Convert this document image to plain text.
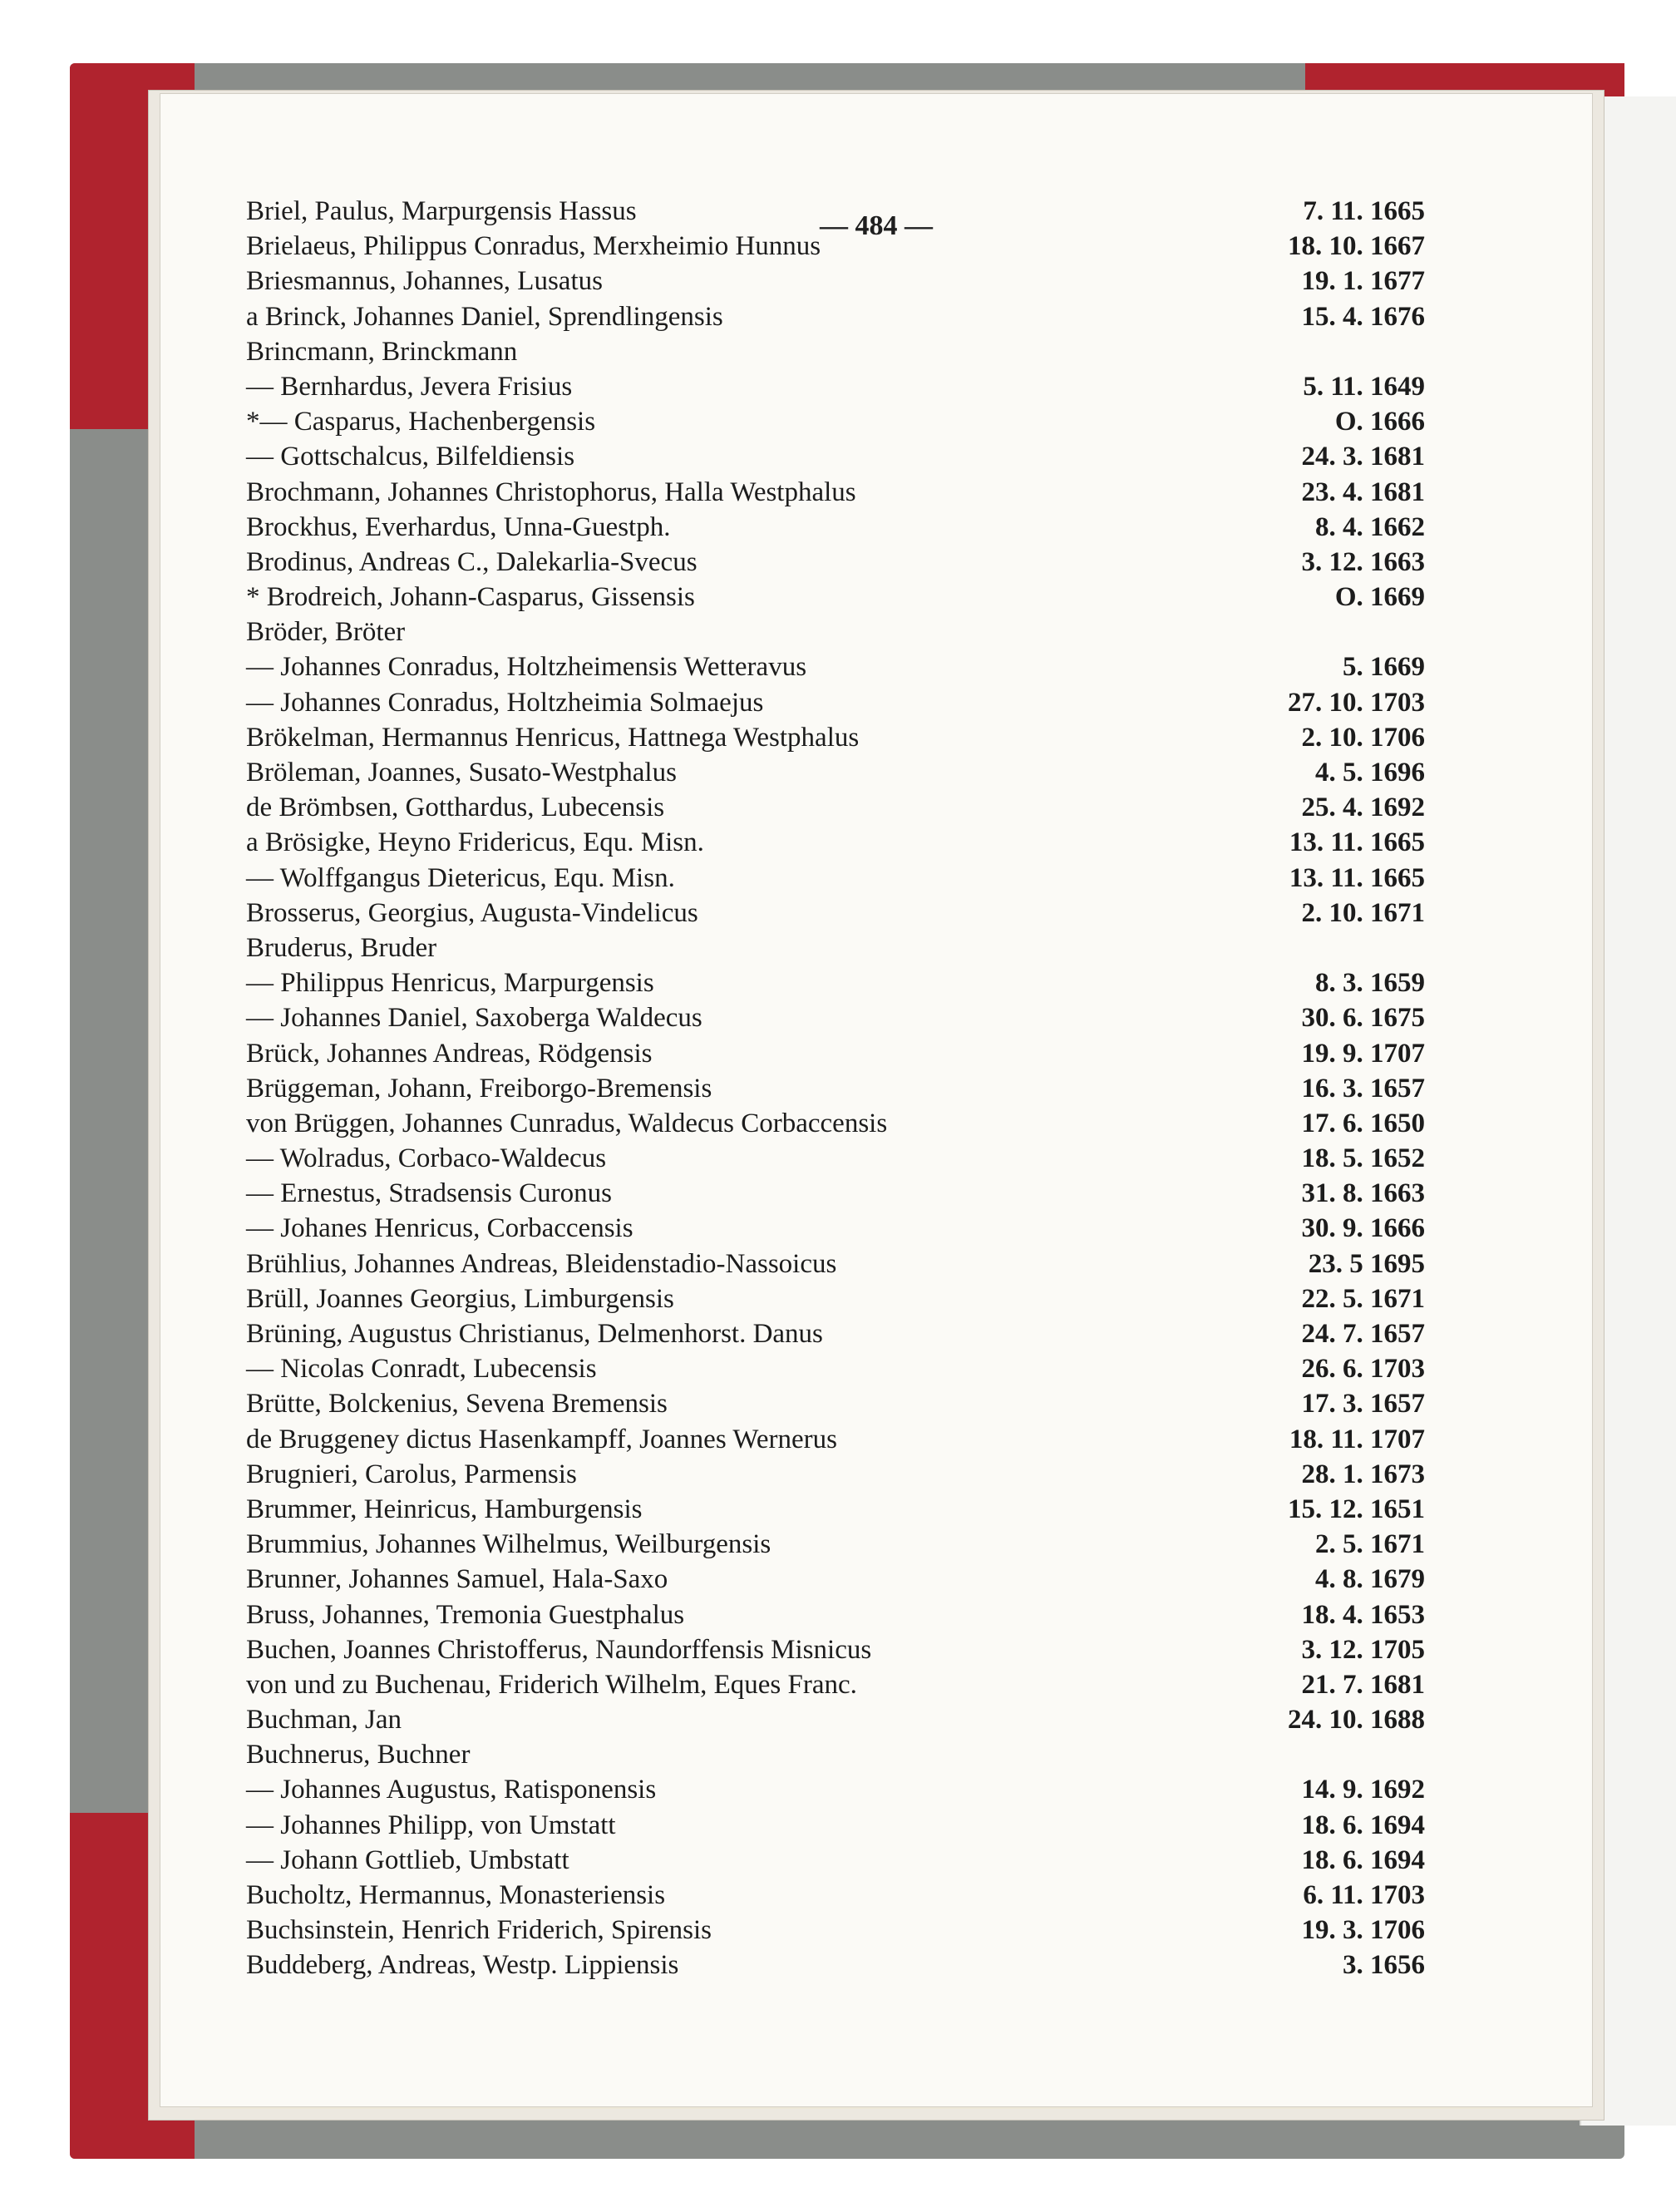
— 484 —
Briel, Paulus, Marpurgensis Hassus	7. 11. 1665
Brielaeus, Philippus Conradus, Merxheimio Hunnus	18. 10. 1667
Briesmannus, Johannes, Lusatus	19. 1. 1677
a Brinck, Johannes Daniel, Sprendlingensis	15. 4. 1676
Brincmann, Brinckmann
— Bernhardus, Jevera Frisius	5. 11. 1649
*— Casparus, Hachenbergensis	O. 1666
— Gottschalcus, Bilfeldiensis	24. 3. 1681
Brochmann, Johannes Christophorus, Halla Westphalus	23. 4. 1681
Brockhus, Everhardus, Unna-Guestph.	8. 4. 1662
Brodinus, Andreas C., Dalekarlia-Svecus	3. 12. 1663
* Brodreich, Johann-Casparus, Gissensis	O. 1669
Bröder, Bröter
— Johannes Conradus, Holtzheimensis Wetteravus	5. 1669
— Johannes Conradus, Holtzheimia Solmaejus	27. 10. 1703
Brökelman, Hermannus Henricus, Hattnega Westphalus	2. 10. 1706
Bröleman, Joannes, Susato-Westphalus	4. 5. 1696
de Brömbsen, Gotthardus, Lubecensis	25. 4. 1692
a Brösigke, Heyno Fridericus, Equ. Misn.	13. 11. 1665
— Wolffgangus Dietericus, Equ. Misn.	13. 11. 1665
Brosserus, Georgius, Augusta-Vindelicus	2. 10. 1671
Bruderus, Bruder
— Philippus Henricus, Marpurgensis	8. 3. 1659
— Johannes Daniel, Saxoberga Waldecus	30. 6. 1675
Brück, Johannes Andreas, Rödgensis	19. 9. 1707
Brüggeman, Johann, Freiborgo-Bremensis	16. 3. 1657
von Brüggen, Johannes Cunradus, Waldecus Corbaccensis	17. 6. 1650
— Wolradus, Corbaco-Waldecus	18. 5. 1652
— Ernestus, Stradsensis Curonus	31. 8. 1663
— Johanes Henricus, Corbaccensis	30. 9. 1666
Brühlius, Johannes Andreas, Bleidenstadio-Nassoicus	23. 5 1695
Brüll, Joannes Georgius, Limburgensis	22. 5. 1671
Brüning, Augustus Christianus, Delmenhorst. Danus	24. 7. 1657
— Nicolas Conradt, Lubecensis	26. 6. 1703
Brütte, Bolckenius, Sevena Bremensis	17. 3. 1657
de Bruggeney dictus Hasenkampff, Joannes Wernerus	18. 11. 1707
Brugnieri, Carolus, Parmensis	28. 1. 1673
Brummer, Heinricus, Hamburgensis	15. 12. 1651
Brummius, Johannes Wilhelmus, Weilburgensis	2. 5. 1671
Brunner, Johannes Samuel, Hala-Saxo	4. 8. 1679
Bruss, Johannes, Tremonia Guestphalus	18. 4. 1653
Buchen, Joannes Christofferus, Naundorffensis Misnicus	3. 12. 1705
von und zu Buchenau, Friderich Wilhelm, Eques Franc.	21. 7. 1681
Buchman, Jan	24. 10. 1688
Buchnerus, Buchner
— Johannes Augustus, Ratisponensis	14. 9. 1692
— Johannes Philipp, von Umstatt	18. 6. 1694
— Johann Gottlieb, Umbstatt	18. 6. 1694
Bucholtz, Hermannus, Monasteriensis	6. 11. 1703
Buchsinstein, Henrich Friderich, Spirensis	19. 3. 1706
Buddeberg, Andreas, Westp. Lippiensis	3. 1656
